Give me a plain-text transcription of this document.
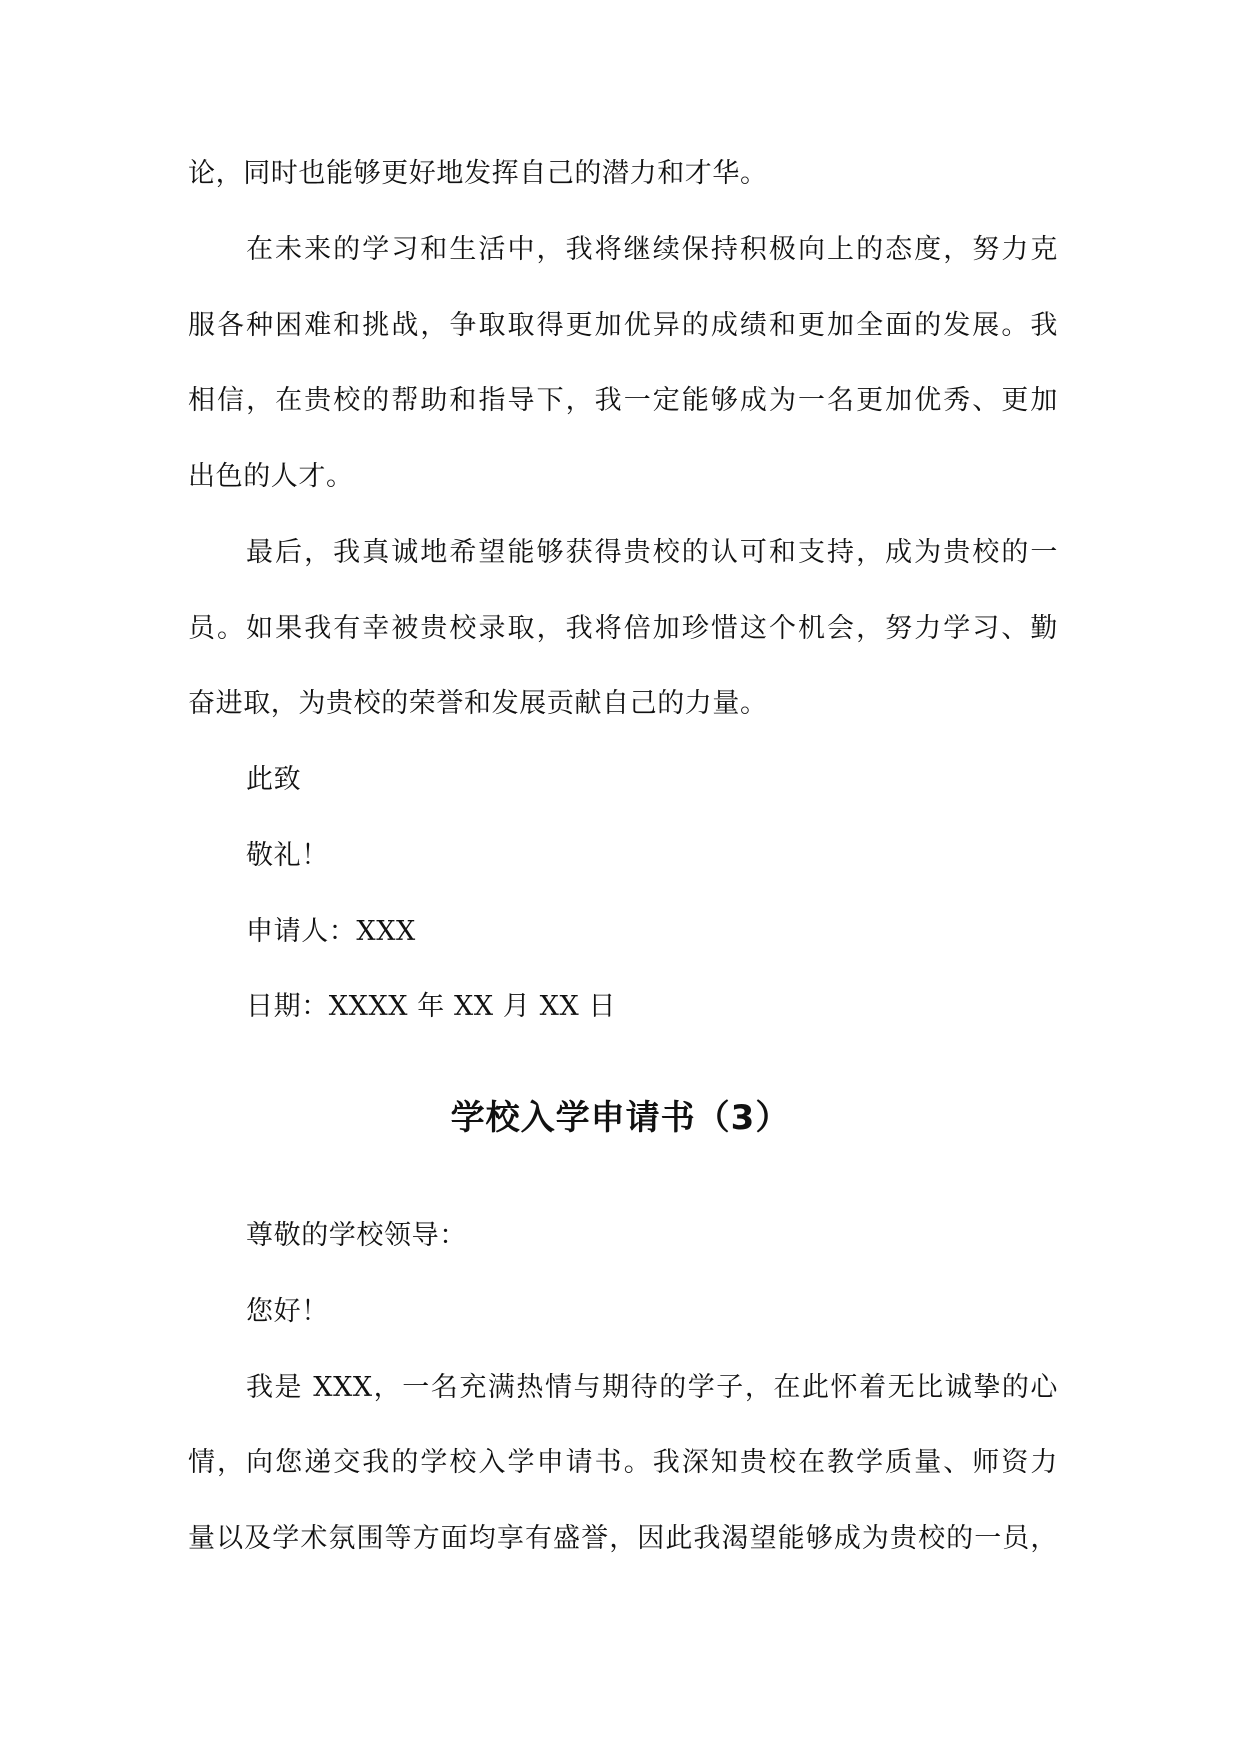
论，同时也能够更好地发挥自己的潜力和才华。
在未来的学习和生活中，我将继续保持积极向上的态度，努力克
服各种困难和挑战，争取取得更加优异的成绩和更加全面的发展。我
相信，在贵校的帮助和指导下，我一定能够成为一名更加优秀、更加
出色的人才。
最后，我真诚地希望能够获得贵校的认可和支持，成为贵校的一
员。如果我有幸被贵校录取，我将倍加珍惜这个机会，努力学习、勤
奋进取，为贵校的荣誉和发展贡献自己的力量。
此致
敬礼！
申请人：XXX
日期：XXXX 年 XX 月 XX 日
学校入学申请书（3）
尊敬的学校领导：
您好！
我是 XXX，一名充满热情与期待的学子，在此怀着无比诚挚的心
情，向您递交我的学校入学申请书。我深知贵校在教学质量、师资力
量以及学术氛围等方面均享有盛誉，因此我渴望能够成为贵校的一员，
